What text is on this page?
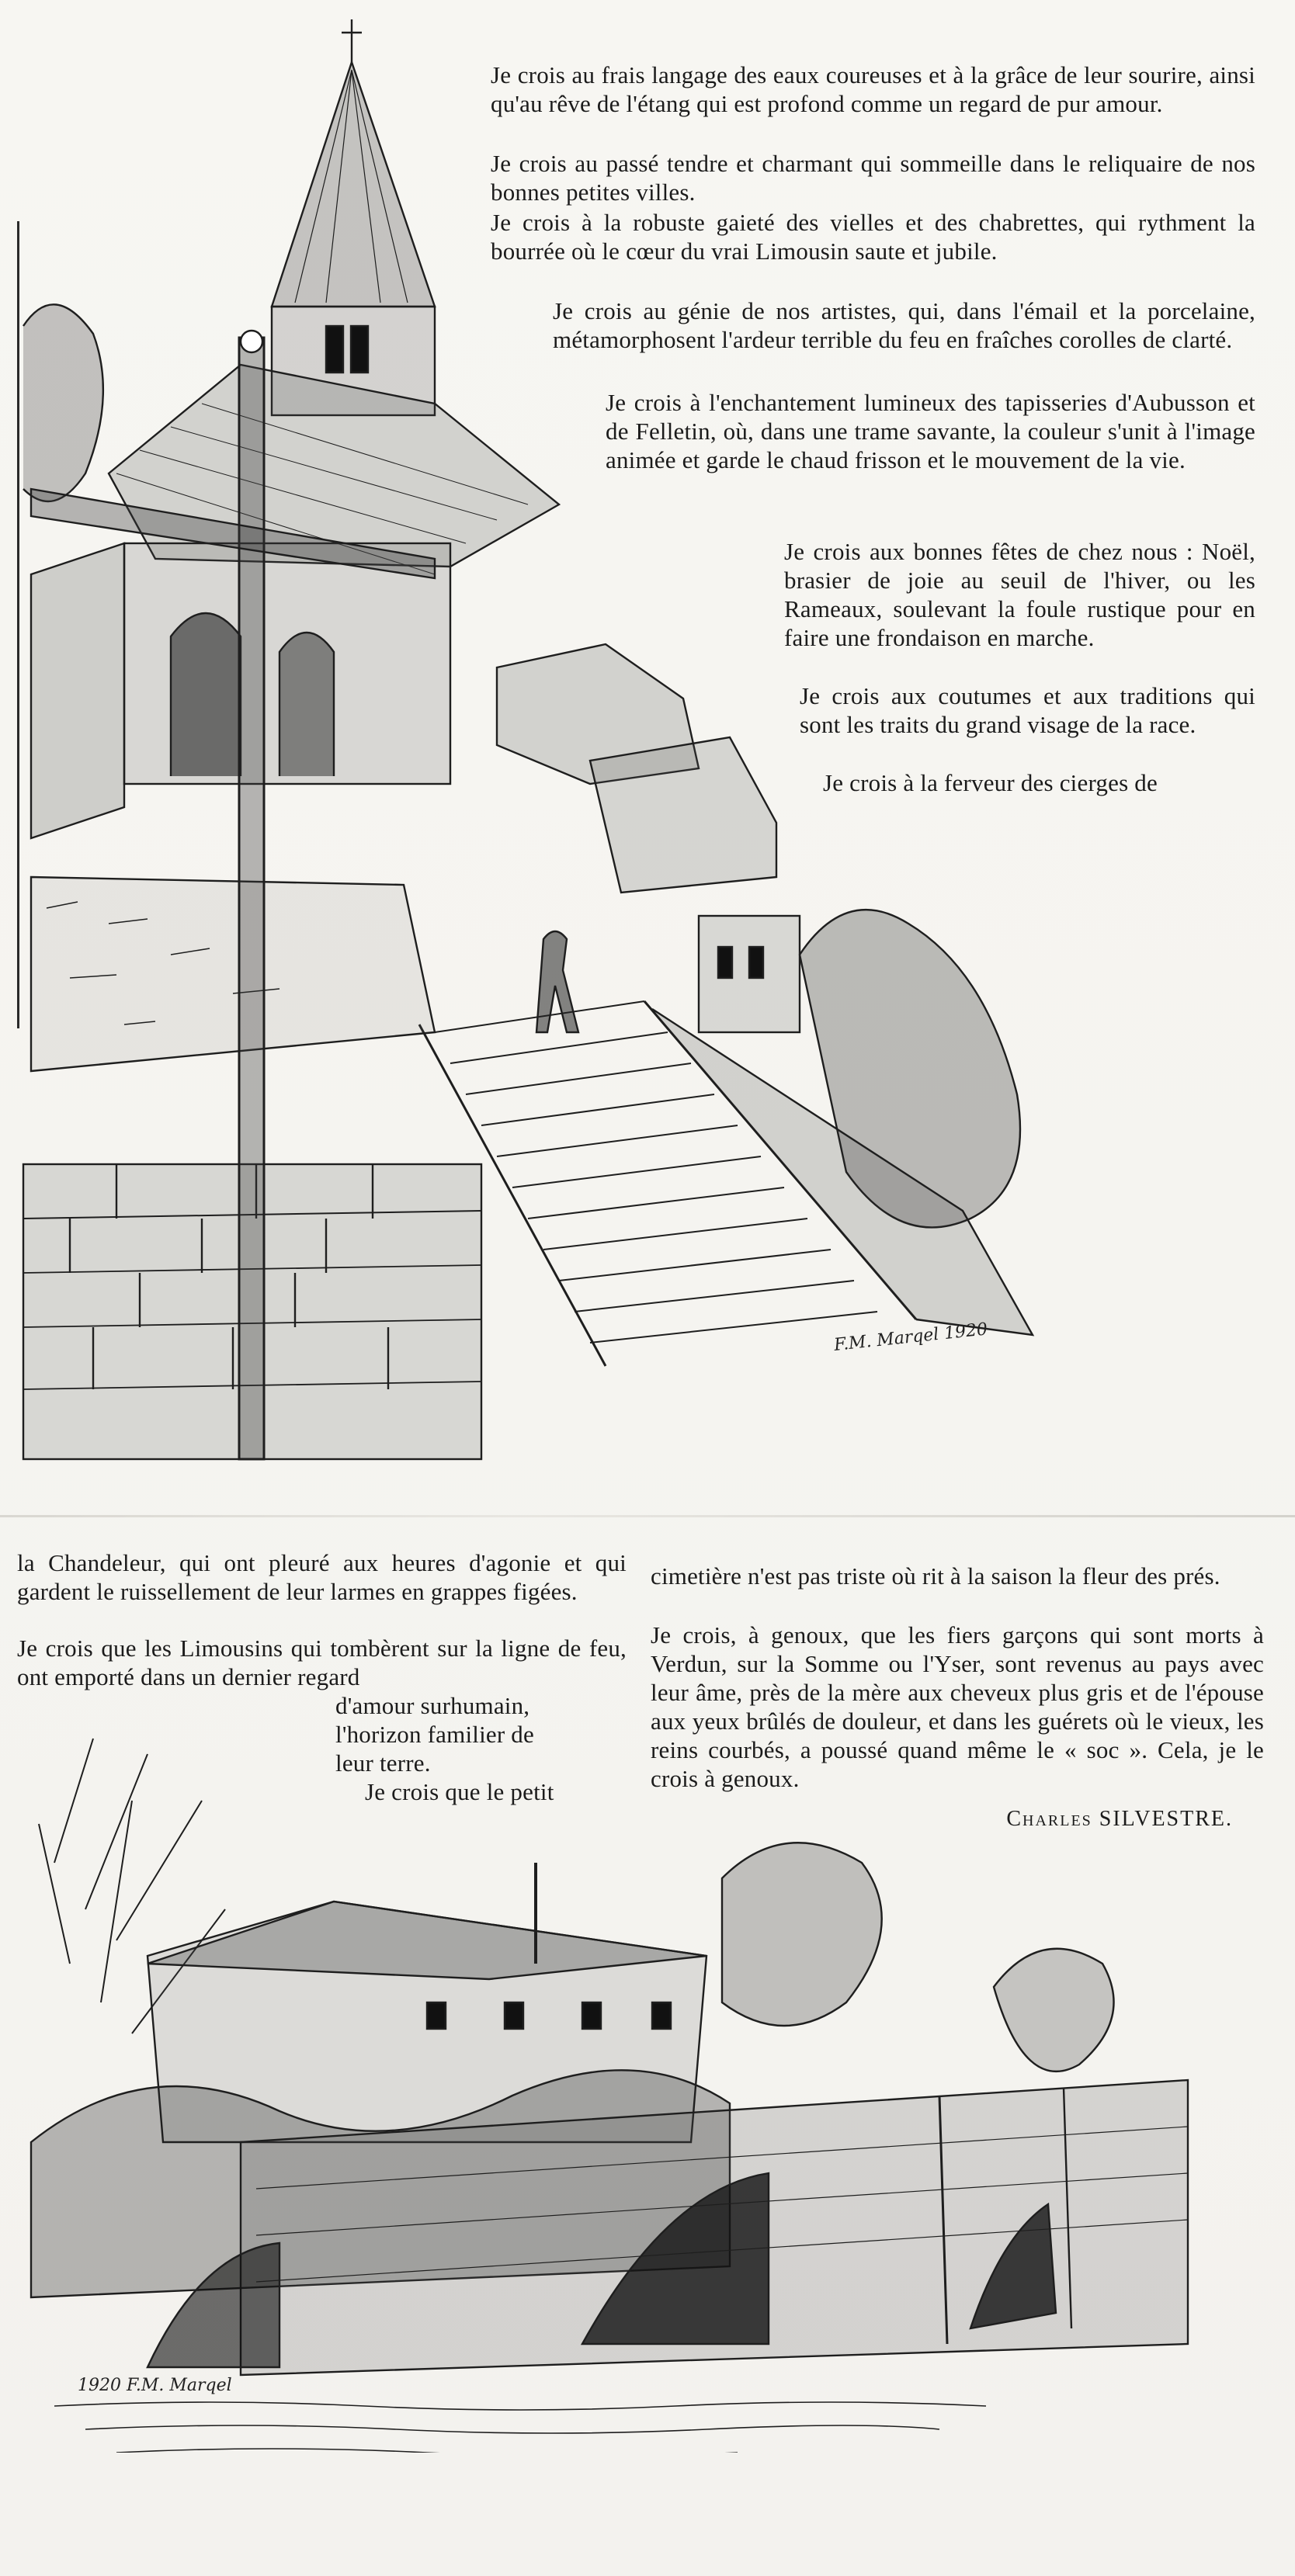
F.M. Marqel 1920

Je crois au frais langage des eaux coureuses et à la grâce de leur sourire, ainsi qu'au rêve de l'étang qui est profond comme un regard de pur amour.

Je crois au passé tendre et charmant qui sommeille dans le reliquaire de nos bonnes petites villes.

Je crois à la robuste gaieté des vielles et des chabrettes, qui rythment la bourrée où le cœur du vrai Limousin saute et jubile.

Je crois au génie de nos artistes, qui, dans l'émail et la porcelaine, métamorphosent l'ardeur terrible du feu en fraîches corolles de clarté.

Je crois à l'enchantement lumineux des tapisseries d'Aubusson et de Felletin, où, dans une trame savante, la couleur s'unit à l'image animée et garde le chaud frisson et le mouvement de la vie.

Je crois aux bonnes fêtes de chez nous : Noël, brasier de joie au seuil de l'hiver, ou les Rameaux, soulevant la foule rustique pour en faire une frondaison en marche.

Je crois aux coutumes et aux traditions qui sont les traits du grand visage de la race.

Je crois à la ferveur des cierges de

la Chandeleur, qui ont pleuré aux heures d'agonie et qui gardent le ruissellement de leur larmes en grappes figées.

Je crois que les Limousins qui tombèrent sur la ligne de feu, ont emporté dans un dernier regard

d'amour surhumain,

l'horizon familier de

leur terre.

Je crois que le petit

cimetière n'est pas triste où rit à la saison la fleur des prés.

Je crois, à genoux, que les fiers garçons qui sont morts à Verdun, sur la Somme ou l'Yser, sont revenus au pays avec leur âme, près de la mère aux cheveux plus gris et de l'épouse aux yeux brûlés de douleur, et dans les guérets où le vieux, les reins courbés, a poussé quand même le « soc ». Cela, je le crois à genoux.

Charles SILVESTRE.
1920 F.M. Marqel
